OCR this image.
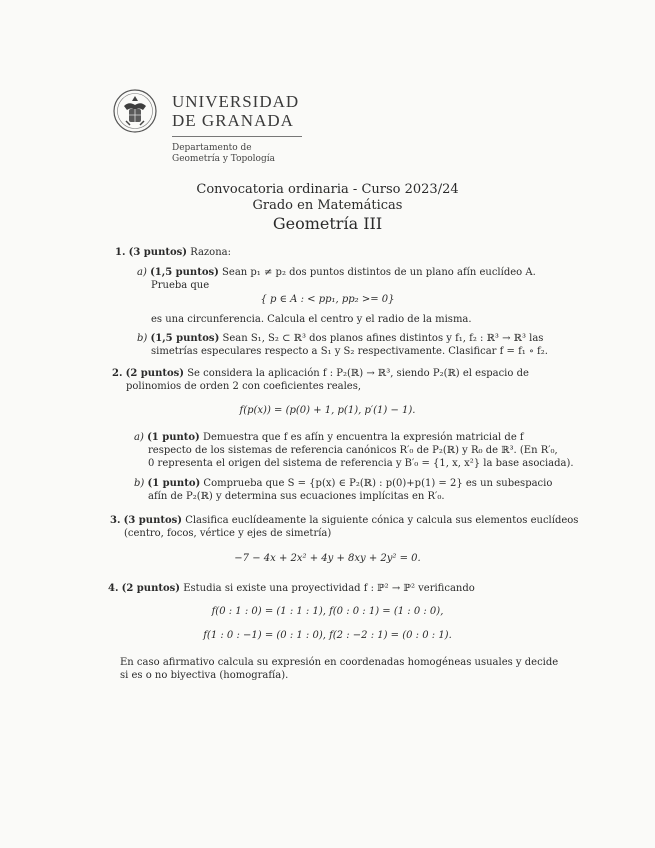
UNIVERSIDAD
DE GRANADA
Departamento de
Geometría y Topología
Convocatoria ordinaria - Curso 2023/24
Grado en Matemáticas
Geometría III
1. (3 puntos) Razona:
a) (1,5 puntos) Sean p₁ ≠ p₂ dos puntos distintos de un plano afín euclídeo A.
Prueba que
{ p ∈ A : < pp₁, pp₂ >= 0}
es una circunferencia. Calcula el centro y el radio de la misma.
b) (1,5 puntos) Sean S₁, S₂ ⊂ ℝ³ dos planos afines distintos y f₁, f₂ : ℝ³ → ℝ³ las
simetrías especulares respecto a S₁ y S₂ respectivamente. Clasificar f = f₁ ∘ f₂.
2. (2 puntos) Se considera la aplicación f : P₂(ℝ) → ℝ³, siendo P₂(ℝ) el espacio de
polinomios de orden 2 con coeficientes reales,
f(p(x)) = (p(0) + 1, p(1), p′(1) − 1).
a) (1 punto) Demuestra que f es afín y encuentra la expresión matricial de f
respecto de los sistemas de referencia canónicos R′₀ de P₂(ℝ) y R₀ de ℝ³. (En R′₀,
0 representa el origen del sistema de referencia y B′₀ = {1, x, x²} la base asociada).
b) (1 punto) Comprueba que S = {p(x) ∈ P₂(ℝ) : p(0)+p(1) = 2} es un subespacio
afín de P₂(ℝ) y determina sus ecuaciones implícitas en R′₀.
3. (3 puntos) Clasifica euclídeamente la siguiente cónica y calcula sus elementos euclídeos
(centro, focos, vértice y ejes de simetría)
−7 − 4x + 2x² + 4y + 8xy + 2y² = 0.
4. (2 puntos) Estudia si existe una proyectividad f : ℙ² → ℙ² verificando
f(0 : 1 : 0) = (1 : 1 : 1), f(0 : 0 : 1) = (1 : 0 : 0),
f(1 : 0 : −1) = (0 : 1 : 0), f(2 : −2 : 1) = (0 : 0 : 1).
En caso afirmativo calcula su expresión en coordenadas homogéneas usuales y decide
si es o no biyectiva (homografía).
